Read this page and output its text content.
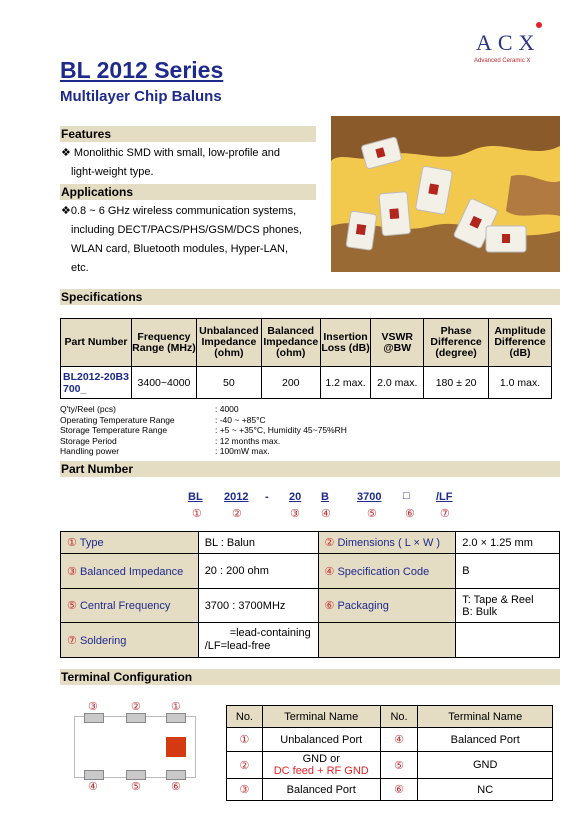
ACX
Advanced Ceramic X
BL 2012 Series
Multilayer Chip Baluns
Features
❖ Monolithic SMD with small, low-profile and
light-weight type.
Applications
❖0.8 ~ 6 GHz wireless communication systems,
including DECT/PACS/PHS/GSM/DCS phones,
WLAN card, Bluetooth modules, Hyper-LAN,
etc.
Specifications
Part Number	Frequency Range (MHz)	Unbalanced Impedance (ohm)	Balanced Impedance (ohm)	Insertion Loss (dB)	VSWR @BW	Phase Difference (degree)	Amplitude Difference (dB)
BL2012-20B3700_	3400~4000	50	200	1.2 max.	2.0 max.	180 ± 20	1.0 max.
Q'ty/Reel (pcs)	: 4000
Operating Temperature Range	: -40 ~ +85°C
Storage Temperature Range	: +5 ~ +35°C, Humidity 45~75%RH
Storage Period	: 12 months max.
Handling power	: 100mW max.
Part Number
BL 2012 - 20 B	3700 □ /LF
①	②	③ ④	⑤	⑥ ⑦
① Type	BL : Balun	② Dimensions ( L × W )	2.0 × 1.25 mm
③ Balanced Impedance	20 : 200 ohm	④ Specification Code	B
⑤ Central Frequency	3700 : 3700MHz	⑥ Packaging	T: Tape & Reel
B: Bulk

⑦ Soldering	=lead-containing
/LF=lead-free		

Terminal Configuration
③	②	①
④	⑤	⑥
No.	Terminal Name	No.	Terminal Name
①	Unbalanced Port	④	Balanced Port
②	GND or
DC feed + RF GND	⑤	GND
③	Balanced Port	⑥	NC
